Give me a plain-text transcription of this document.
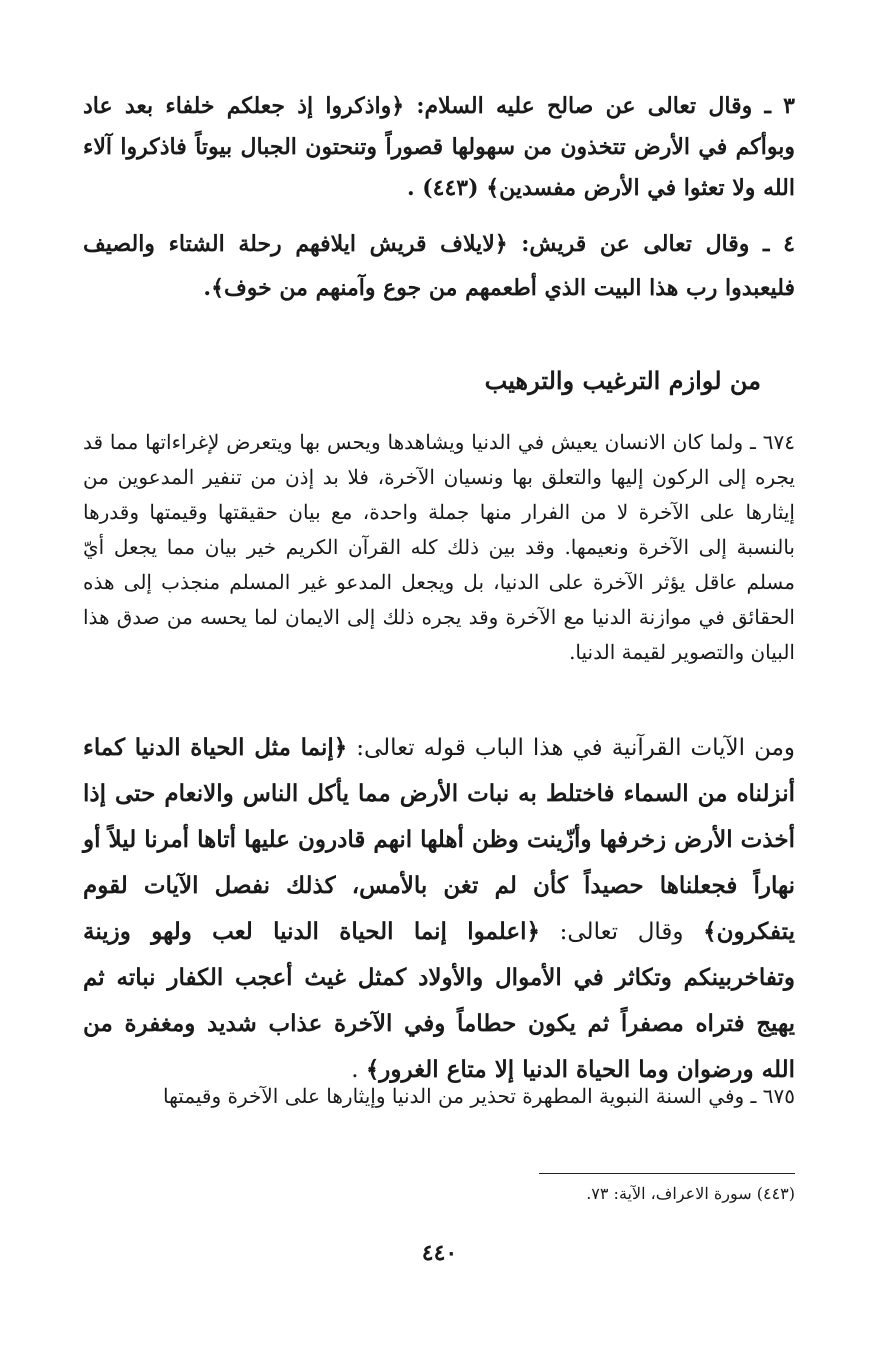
٣ ـ وقال تعالى عن صالح عليه السلام: ﴿واذكروا إذ جعلكم خلفاء بعد عاد وبوأكم في الأرض تتخذون من سهولها قصوراً وتنحتون الجبال بيوتاً فاذكروا آلاء الله ولا تعثوا في الأرض مفسدين﴾ (٤٤٣) .

٤ ـ وقال تعالى عن قريش: ﴿لايلاف قريش ايلافهم رحلة الشتاء والصيف فليعبدوا رب هذا البيت الذي أطعمهم من جوع وآمنهم من خوف﴾.

من لوازم الترغيب والترهيب

٦٧٤ ـ ولما كان الانسان يعيش في الدنيا ويشاهدها ويحس بها ويتعرض لإغراءاتها مما قد يجره إلى الركون إليها والتعلق بها ونسيان الآخرة، فلا بد إذن من تنفير المدعوين من إيثارها على الآخرة لا من الفرار منها جملة واحدة، مع بيان حقيقتها وقيمتها وقدرها بالنسبة إلى الآخرة ونعيمها. وقد بين ذلك كله القرآن الكريم خير بيان مما يجعل أيّ مسلم عاقل يؤثر الآخرة على الدنيا، بل ويجعل المدعو غير المسلم منجذب إلى هذه الحقائق في موازنة الدنيا مع الآخرة وقد يجره ذلك إلى الايمان لما يحسه من صدق هذا البيان والتصوير لقيمة الدنيا.

ومن الآيات القرآنية في هذا الباب قوله تعالى: ﴿إنما مثل الحياة الدنيا كماء أنزلناه من السماء فاختلط به نبات الأرض مما يأكل الناس والانعام حتى إذا أخذت الأرض زخرفها وأزّينت وظن أهلها انهم قادرون عليها أتاها أمرنا ليلاً أو نهاراً فجعلناها حصيداً كأن لم تغن بالأمس، كذلك نفصل الآيات لقوم يتفكرون﴾ وقال تعالى: ﴿اعلموا إنما الحياة الدنيا لعب ولهو وزينة وتفاخربينكم وتكاثر في الأموال والأولاد كمثل غيث أعجب الكفار نباته ثم يهيج فتراه مصفراً ثم يكون حطاماً وفي الآخرة عذاب شديد ومغفرة من الله ورضوان وما الحياة الدنيا إلا متاع الغرور﴾ .

٦٧٥ ـ وفي السنة النبوية المطهرة تحذير من الدنيا وإيثارها على الآخرة وقيمتها

(٤٤٣) سورة الاعراف، الآية: ٧٣.

٤٤٠
